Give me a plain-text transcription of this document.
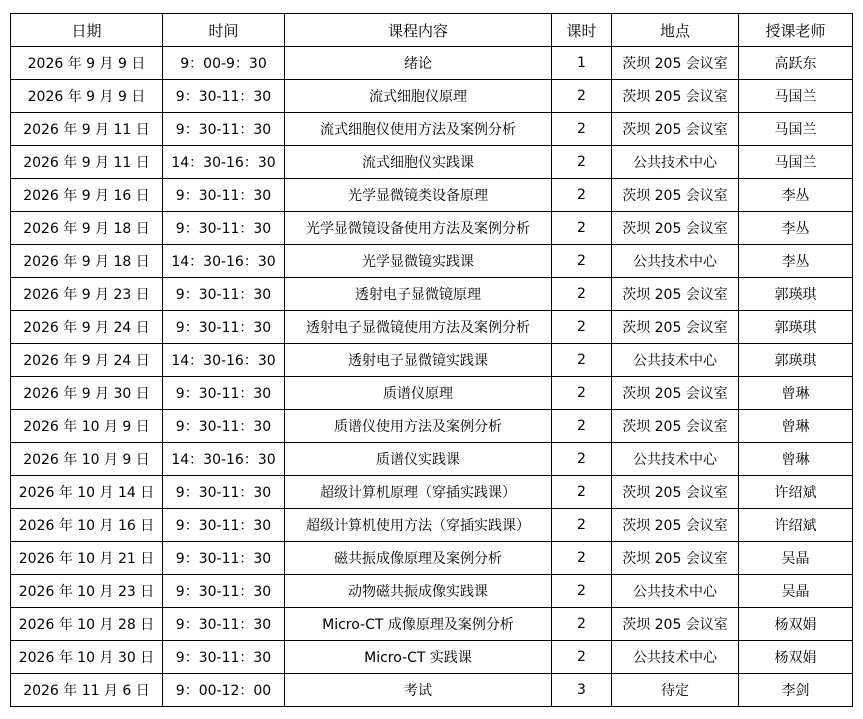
日期	时间	课程内容	课时	地点	授课老师
2026 年 9 月 9 日	9：00-9：30	绪论	1	茨坝 205 会议室	高跃东
2026 年 9 月 9 日	9：30-11：30	流式细胞仪原理	2	茨坝 205 会议室	马国兰
2026 年 9 月 11 日	9：30-11：30	流式细胞仪使用方法及案例分析	2	茨坝 205 会议室	马国兰
2026 年 9 月 11 日	14：30-16：30	流式细胞仪实践课	2	公共技术中心	马国兰
2026 年 9 月 16 日	9：30-11：30	光学显微镜类设备原理	2	茨坝 205 会议室	李丛
2026 年 9 月 18 日	9：30-11：30	光学显微镜设备使用方法及案例分析	2	茨坝 205 会议室	李丛
2026 年 9 月 18 日	14：30-16：30	光学显微镜实践课	2	公共技术中心	李丛
2026 年 9 月 23 日	9：30-11：30	透射电子显微镜原理	2	茨坝 205 会议室	郭瑛琪
2026 年 9 月 24 日	9：30-11：30	透射电子显微镜使用方法及案例分析	2	茨坝 205 会议室	郭瑛琪
2026 年 9 月 24 日	14：30-16：30	透射电子显微镜实践课	2	公共技术中心	郭瑛琪
2026 年 9 月 30 日	9：30-11：30	质谱仪原理	2	茨坝 205 会议室	曾琳
2026 年 10 月 9 日	9：30-11：30	质谱仪使用方法及案例分析	2	茨坝 205 会议室	曾琳
2026 年 10 月 9 日	14：30-16：30	质谱仪实践课	2	公共技术中心	曾琳
2026 年 10 月 14 日	9：30-11：30	超级计算机原理（穿插实践课）	2	茨坝 205 会议室	许绍斌
2026 年 10 月 16 日	9：30-11：30	超级计算机使用方法（穿插实践课）	2	茨坝 205 会议室	许绍斌
2026 年 10 月 21 日	9：30-11：30	磁共振成像原理及案例分析	2	茨坝 205 会议室	吴晶
2026 年 10 月 23 日	9：30-11：30	动物磁共振成像实践课	2	公共技术中心	吴晶
2026 年 10 月 28 日	9：30-11：30	Micro-CT 成像原理及案例分析	2	茨坝 205 会议室	杨双娟
2026 年 10 月 30 日	9：30-11：30	Micro-CT 实践课	2	公共技术中心	杨双娟
2026 年 11 月 6 日	9：00-12：00	考试	3	待定	李剑
